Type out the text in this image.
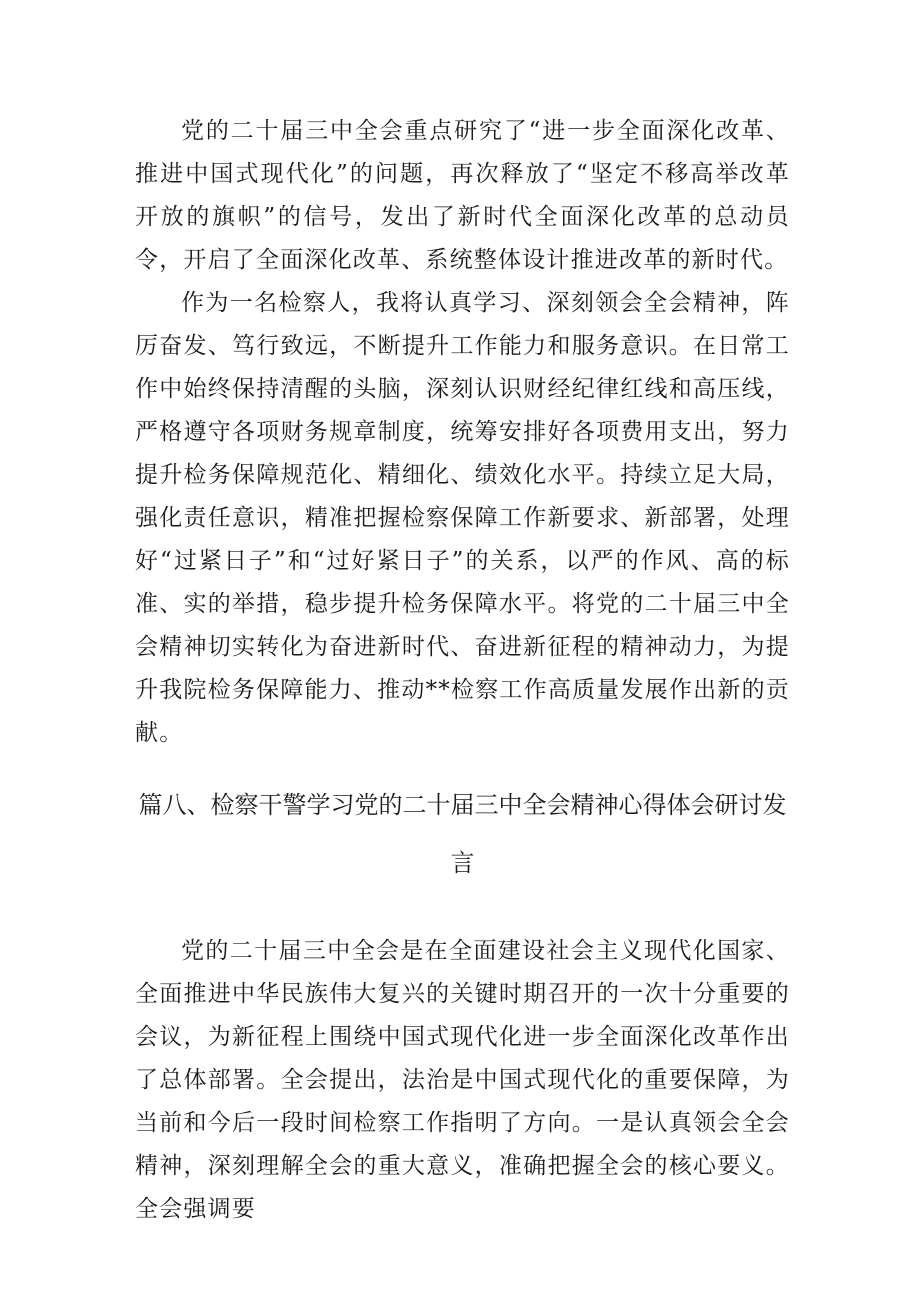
党的二十届三中全会重点研究了“进一步全面深化改革、推进中国式现代化”的问题，再次释放了“坚定不移高举改革开放的旗帜”的信号，发出了新时代全面深化改革的总动员令，开启了全面深化改革、系统整体设计推进改革的新时代。

作为一名检察人，我将认真学习、深刻领会全会精神，阵厉奋发、笃行致远，不断提升工作能力和服务意识。在日常工作中始终保持清醒的头脑，深刻认识财经纪律红线和高压线，严格遵守各项财务规章制度，统筹安排好各项费用支出，努力提升检务保障规范化、精细化、绩效化水平。持续立足大局，强化责任意识，精准把握检察保障工作新要求、新部署，处理好“过紧日子”和“过好紧日子”的关系，以严的作风、高的标准、实的举措，稳步提升检务保障水平。将党的二十届三中全会精神切实转化为奋进新时代、奋进新征程的精神动力，为提升我院检务保障能力、推动**检察工作高质量发展作出新的贡献。

篇八、检察干警学习党的二十届三中全会精神心得体会研讨发言

党的二十届三中全会是在全面建设社会主义现代化国家、全面推进中华民族伟大复兴的关键时期召开的一次十分重要的会议，为新征程上围绕中国式现代化进一步全面深化改革作出了总体部署。全会提出，法治是中国式现代化的重要保障，为当前和今后一段时间检察工作指明了方向。一是认真领会全会精神，深刻理解全会的重大意义，准确把握全会的核心要义。全会强调要
